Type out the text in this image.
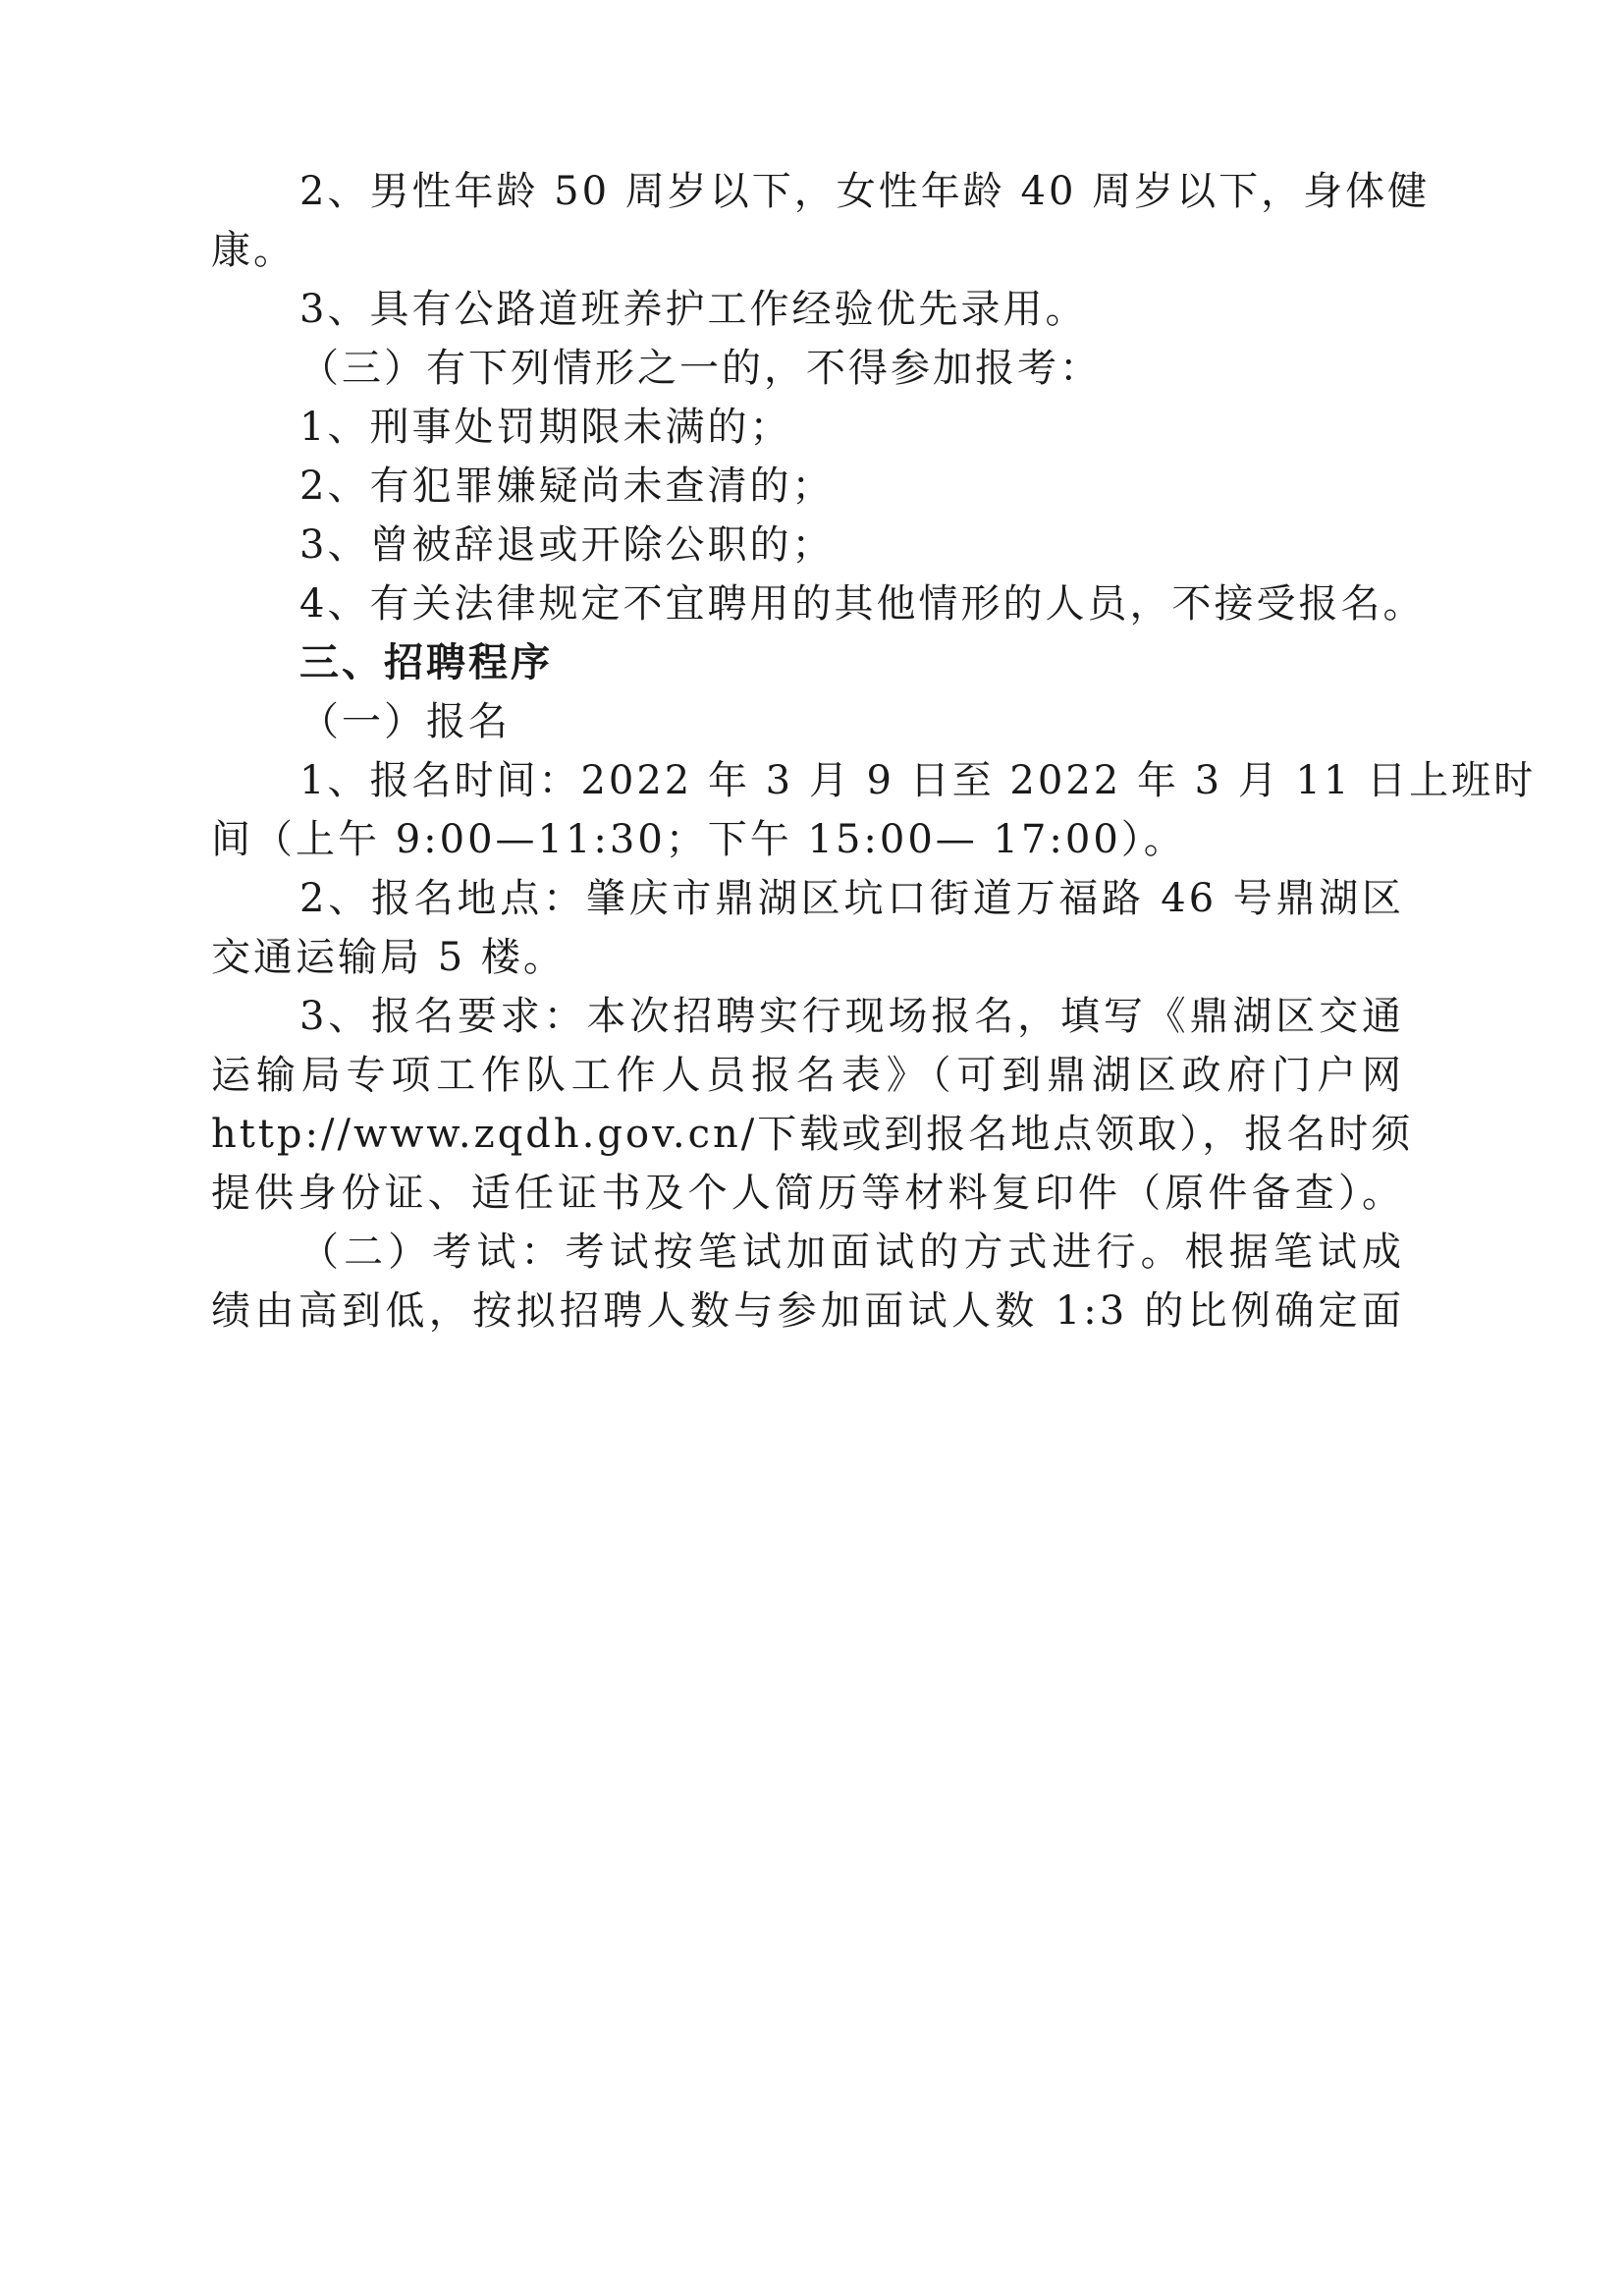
2、男性年龄 50 周岁以下，女性年龄 40 周岁以下，身体健
康。
3、具有公路道班养护工作经验优先录用。
（三）有下列情形之一的，不得参加报考：
1、刑事处罚期限未满的；
2、有犯罪嫌疑尚未查清的；
3、曾被辞退或开除公职的；
4、有关法律规定不宜聘用的其他情形的人员，不接受报名。
三、招聘程序
（一）报名
1、报名时间：2022 年 3 月 9 日至 2022 年 3 月 11 日上班时
间（上午 9:00—11:30；下午 15:00— 17:00）。
2、报名地点：肇庆市鼎湖区坑口街道万福路 46 号鼎湖区
交通运输局 5 楼。
3、报名要求：本次招聘实行现场报名，填写《鼎湖区交通
运输局专项工作队工作人员报名表》（可到鼎湖区政府门户网
http://www.zqdh.gov.cn/下载或到报名地点领取），报名时须
提供身份证、适任证书及个人简历等材料复印件（原件备查）。
（二）考试：考试按笔试加面试的方式进行。根据笔试成
绩由高到低，按拟招聘人数与参加面试人数 1:3 的比例确定面
